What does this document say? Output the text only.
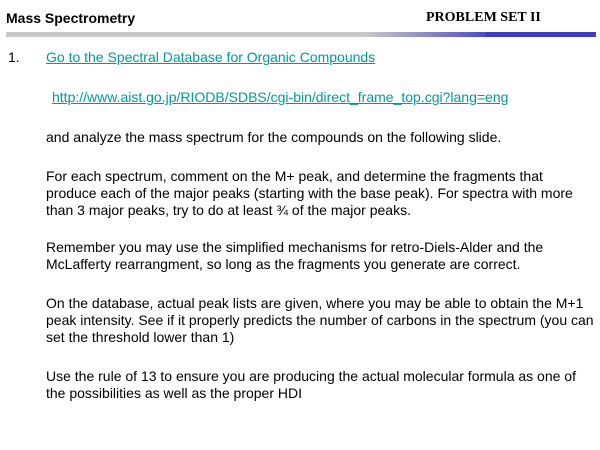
Mass Spectrometry	PROBLEM SET II
1. Go to the Spectral Database for Organic Compounds
http://www.aist.go.jp/RIODB/SDBS/cgi-bin/direct_frame_top.cgi?lang=eng

and analyze the mass spectrum for the compounds on the following slide.

For each spectrum, comment on the M+ peak, and determine the fragments that produce each of the major peaks (starting with the base peak). For spectra with more than 3 major peaks, try to do at least ¾ of the major peaks.

Remember you may use the simplified mechanisms for retro-Diels-Alder and the McLafferty rearrangment, so long as the fragments you generate are correct.

On the database, actual peak lists are given, where you may be able to obtain the M+1 peak intensity. See if it properly predicts the number of carbons in the spectrum (you can set the threshold lower than 1)

Use the rule of 13 to ensure you are producing the actual molecular formula as one of the possibilities as well as the proper HDI
